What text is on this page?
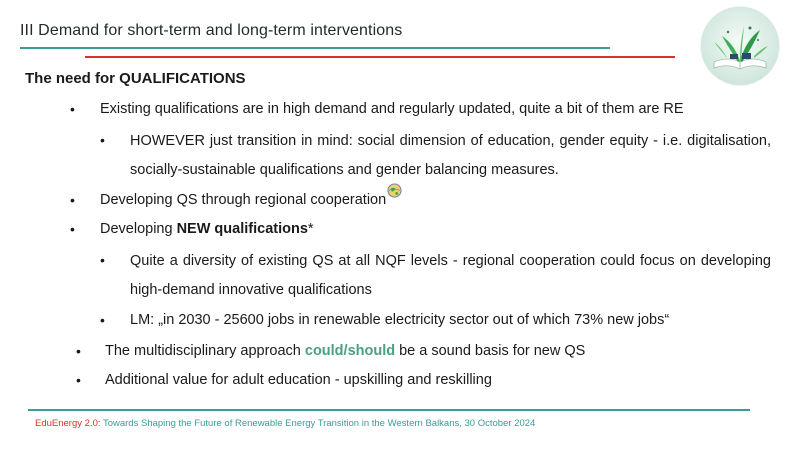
III Demand for short-term and long-term interventions
The need for QUALIFICATIONS
• Existing qualifications are in high demand and regularly updated, quite a bit of them are RE
• HOWEVER just transition in mind: social dimension of education, gender equity - i.e. digitalisation, socially-sustainable qualifications and gender balancing measures.
• Developing QS through regional cooperation
• Developing NEW qualifications*
• Quite a diversity of existing QS at all NQF levels - regional cooperation could focus on developing high-demand innovative qualifications
• LM: „in 2030 - 25600 jobs in renewable electricity sector out of which 73% new jobs“
• The multidisciplinary approach could/should be a sound basis for new QS
• Additional value for adult education - upskilling and reskilling
EduEnergy 2.0: Towards Shaping the Future of Renewable Energy Transition in the Western Balkans, 30 October 2024
